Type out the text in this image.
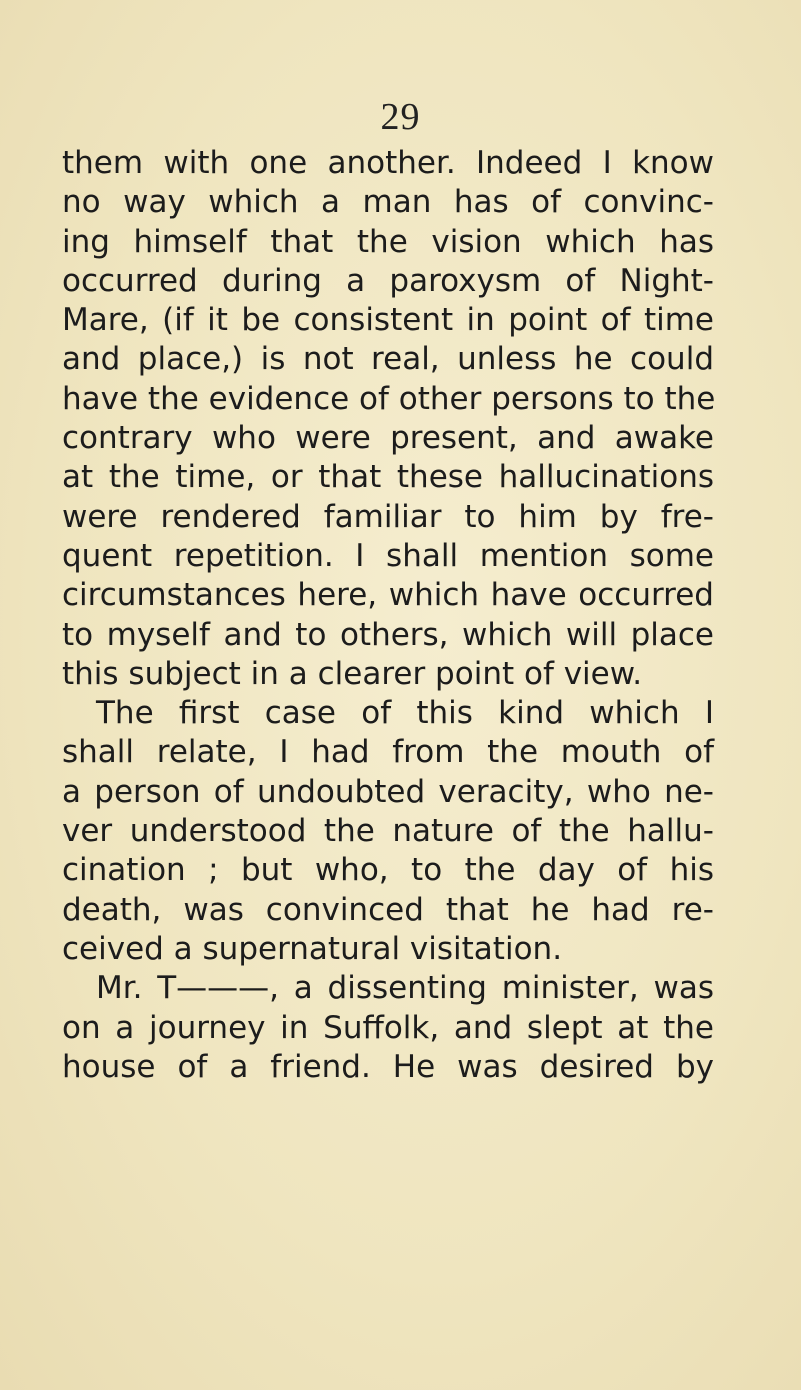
29
them with one another. Indeed I know
no way which a man has of convinc-
ing himself that the vision which has
occurred during a paroxysm of Night-
Mare, (if it be consistent in point of time
and place,) is not real, unless he could
have the evidence of other persons to the
contrary who were present, and awake
at the time, or that these hallucinations
were rendered familiar to him by fre-
quent repetition. I shall mention some
circumstances here, which have occurred
to myself and to others, which will place
this subject in a clearer point of view.
The first case of this kind which I
shall relate, I had from the mouth of
a person of undoubted veracity, who ne-
ver understood the nature of the hallu-
cination ; but who, to the day of his
death, was convinced that he had re-
ceived a supernatural visitation.
Mr. T———, a dissenting minister, was
on a journey in Suffolk, and slept at the
house of a friend. He was desired by
